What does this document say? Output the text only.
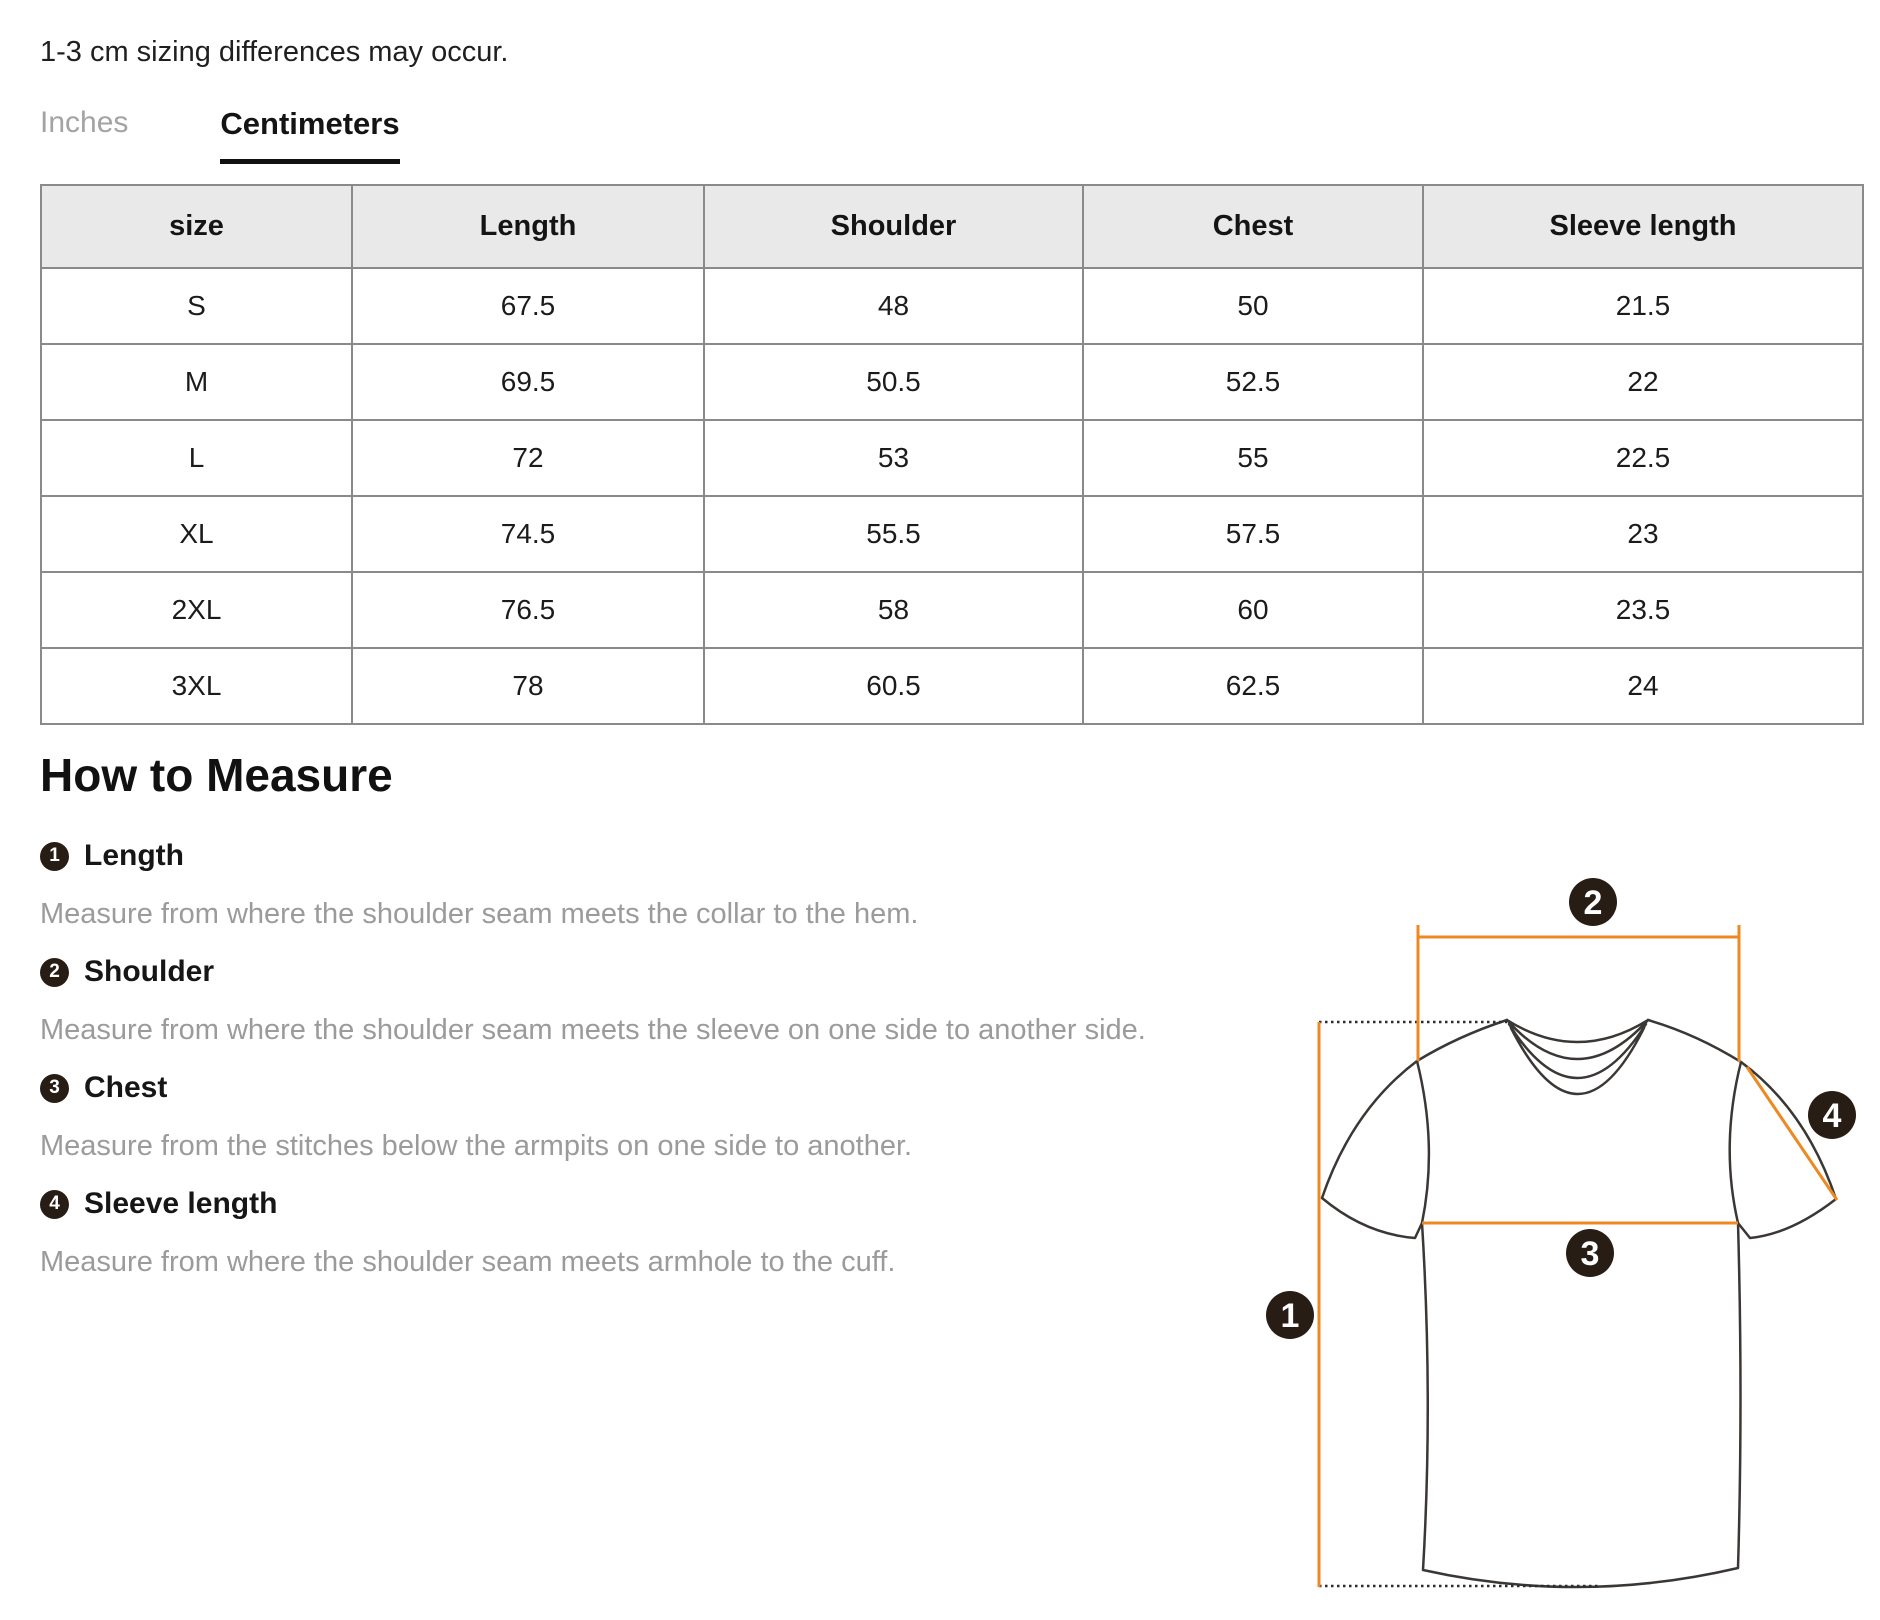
1-3 cm sizing differences may occur.
Inches	Centimeters
size	Length	Shoulder	Chest	Sleeve length
S	67.5	48	50	21.5
M	69.5	50.5	52.5	22
L	72	53	55	22.5
XL	74.5	55.5	57.5	23
2XL	76.5	58	60	23.5
3XL	78	60.5	62.5	24
How to Measure
1 Length

Measure from where the shoulder seam meets the collar to the hem.

2 Shoulder

Measure from where the shoulder seam meets the sleeve on one side to another side.

3 Chest

Measure from the stitches below the armpits on one side to another.

4 Sleeve length

Measure from where the shoulder seam meets armhole to the cuff.

1
2
3
4
